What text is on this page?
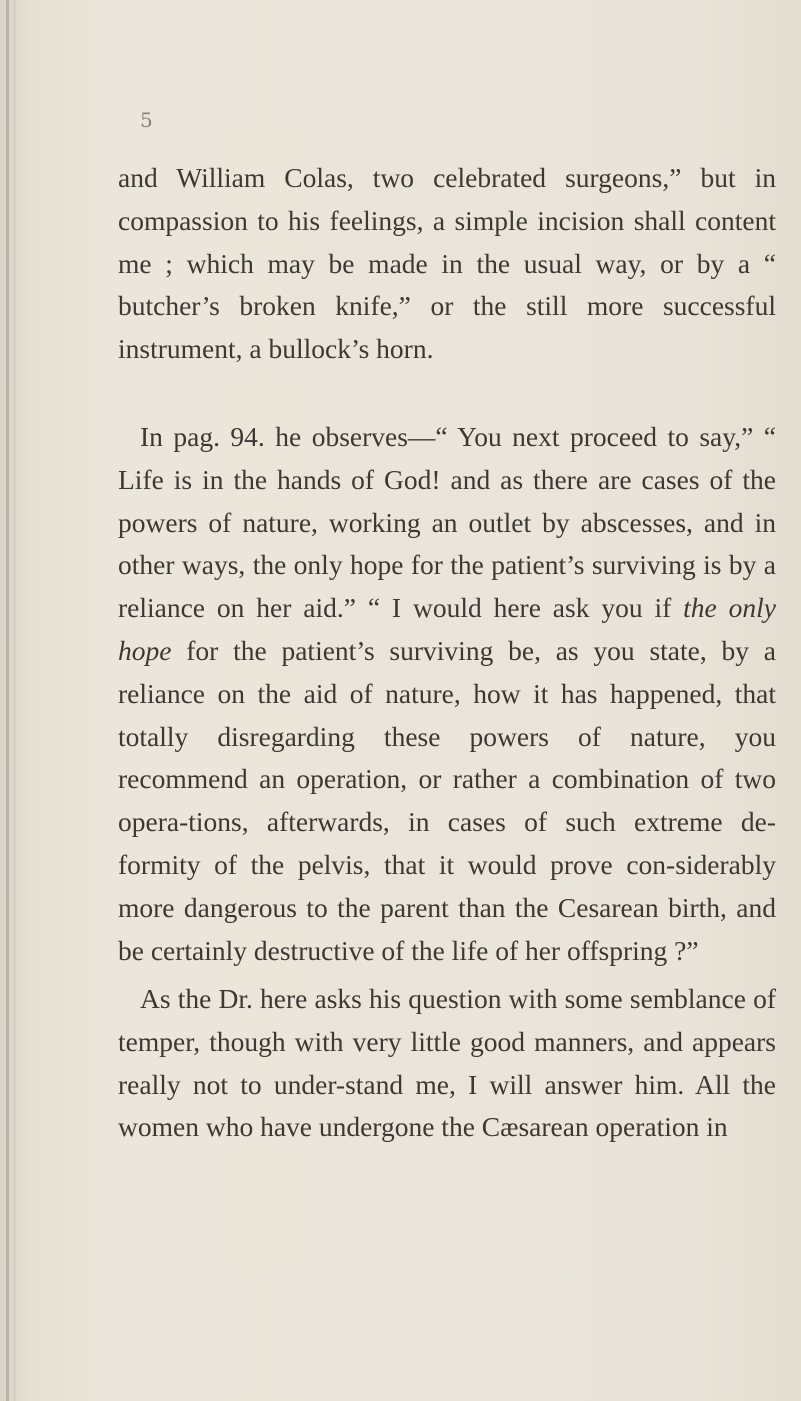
5

and William Colas, two celebrated surgeons,” but in compassion to his feelings, a simple incision shall content me ; which may be made in the usual way, or by a “ butcher’s broken knife,” or the still more successful instrument, a bullock’s horn.

In pag. 94. he observes—“ You next proceed to say,” “ Life is in the hands of God! and as there are cases of the powers of nature, working an outlet by abscesses, and in other ways, the only hope for the patient’s surviving is by a reliance on her aid.” “ I would here ask you if the only hope for the patient’s surviving be, as you state, by a reliance on the aid of nature, how it has happened, that totally disregarding these powers of nature, you recommend an operation, or rather a combination of two opera-tions, afterwards, in cases of such extreme de-formity of the pelvis, that it would prove con-siderably more dangerous to the parent than the Cesarean birth, and be certainly destructive of the life of her offspring ?”

As the Dr. here asks his question with some semblance of temper, though with very little good manners, and appears really not to under-stand me, I will answer him. All the women who have undergone the Cæsarean operation in
